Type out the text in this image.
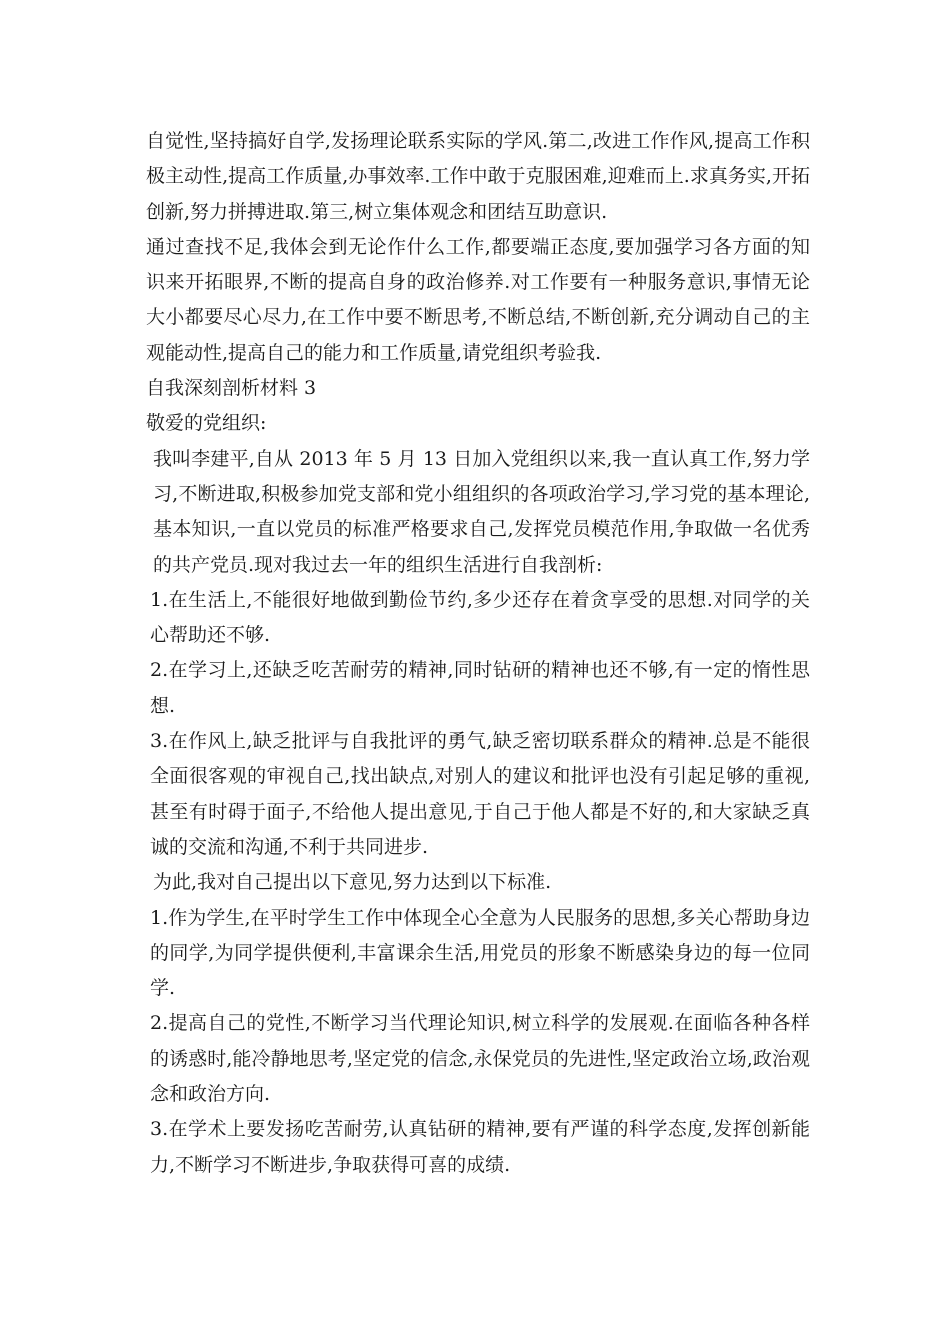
自觉性,坚持搞好自学,发扬理论联系实际的学风.第二,改进工作作风,提高工作积极主动性,提高工作质量,办事效率.工作中敢于克服困难,迎难而上.求真务实,开拓创新,努力拼搏进取.第三,树立集体观念和团结互助意识.

通过查找不足,我体会到无论作什么工作,都要端正态度,要加强学习各方面的知识来开拓眼界,不断的提高自身的政治修养.对工作要有一种服务意识,事情无论大小都要尽心尽力,在工作中要不断思考,不断总结,不断创新,充分调动自己的主观能动性,提高自己的能力和工作质量,请党组织考验我.

自我深刻剖析材料 3

敬爱的党组织:

我叫李建平,自从 2013 年 5 月 13 日加入党组织以来,我一直认真工作,努力学习,不断进取,积极参加党支部和党小组组织的各项政治学习,学习党的基本理论,基本知识,一直以党员的标准严格要求自己,发挥党员模范作用,争取做一名优秀的共产党员.现对我过去一年的组织生活进行自我剖析:

1.在生活上,不能很好地做到勤俭节约,多少还存在着贪享受的思想.对同学的关心帮助还不够.

2.在学习上,还缺乏吃苦耐劳的精神,同时钻研的精神也还不够,有一定的惰性思想.

3.在作风上,缺乏批评与自我批评的勇气,缺乏密切联系群众的精神.总是不能很全面很客观的审视自己,找出缺点,对别人的建议和批评也没有引起足够的重视,甚至有时碍于面子,不给他人提出意见,于自己于他人都是不好的,和大家缺乏真诚的交流和沟通,不利于共同进步.

为此,我对自己提出以下意见,努力达到以下标准.

1.作为学生,在平时学生工作中体现全心全意为人民服务的思想,多关心帮助身边的同学,为同学提供便利,丰富课余生活,用党员的形象不断感染身边的每一位同学.

2.提高自己的党性,不断学习当代理论知识,树立科学的发展观.在面临各种各样的诱惑时,能冷静地思考,坚定党的信念,永保党员的先进性,坚定政治立场,政治观念和政治方向.

3.在学术上要发扬吃苦耐劳,认真钻研的精神,要有严谨的科学态度,发挥创新能力,不断学习不断进步,争取获得可喜的成绩.
